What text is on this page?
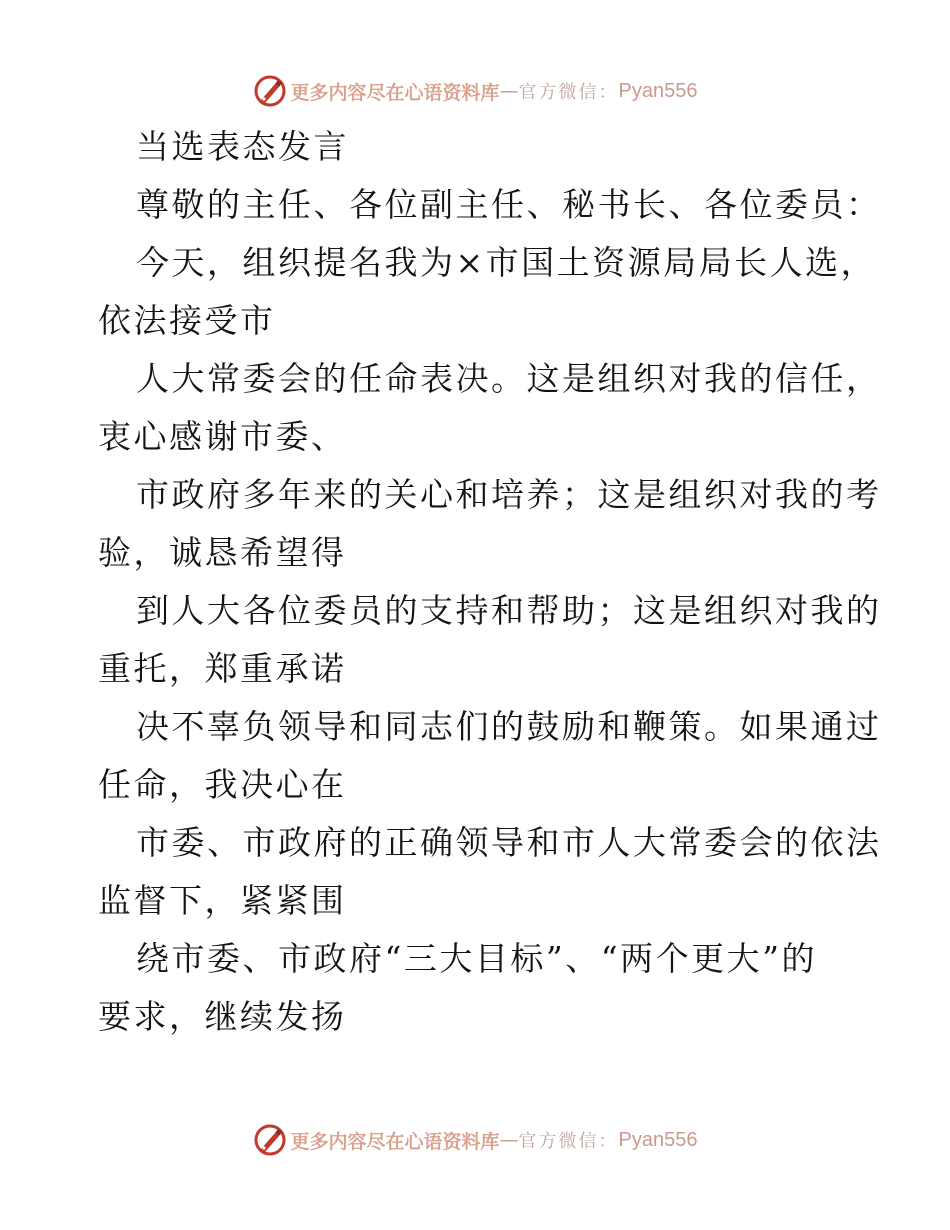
更多内容尽在心语资料库 — 官方微信： Pyan556
当选表态发言
尊敬的主任、各位副主任、秘书长、各位委员：
今天，组织提名我为×市国土资源局局长人选，
依法接受市
人大常委会的任命表决。这是组织对我的信任，
衷心感谢市委、
市政府多年来的关心和培养；这是组织对我的考
验，诚恳希望得
到人大各位委员的支持和帮助；这是组织对我的
重托，郑重承诺
决不辜负领导和同志们的鼓励和鞭策。如果通过
任命，我决心在
市委、市政府的正确领导和市人大常委会的依法
监督下，紧紧围
绕市委、市政府“三大目标”、“两个更大”的
要求，继续发扬
更多内容尽在心语资料库 — 官方微信： Pyan556
